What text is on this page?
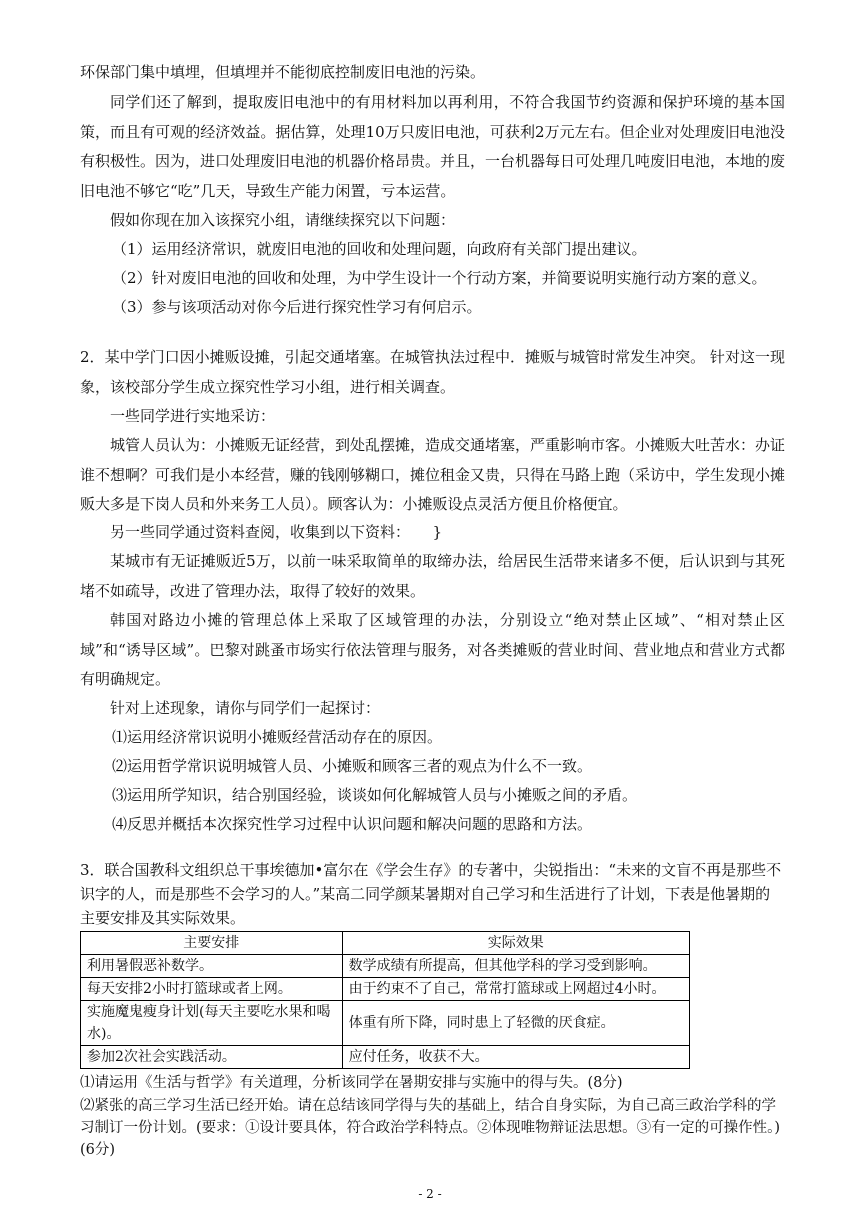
环保部门集中填埋，但填埋并不能彻底控制废旧电池的污染。

同学们还了解到，提取废旧电池中的有用材料加以再利用，不符合我国节约资源和保护环境的基本国策，而且有可观的经济效益。据估算，处理10万只废旧电池，可获利2万元左右。但企业对处理废旧电池没有积极性。因为，进口处理废旧电池的机器价格昂贵。并且，一台机器每日可处理几吨废旧电池，本地的废旧电池不够它“吃”几天，导致生产能力闲置，亏本运营。

假如你现在加入该探究小组，请继续探究以下问题：

（1）运用经济常识，就废旧电池的回收和处理问题，向政府有关部门提出建议。

（2）针对废旧电池的回收和处理，为中学生设计一个行动方案，并简要说明实施行动方案的意义。

（3）参与该项活动对你今后进行探究性学习有何启示。

2．某中学门口因小摊贩设摊，引起交通堵塞。在城管执法过程中．摊贩与城管时常发生冲突。 针对这一现象，该校部分学生成立探究性学习小组，进行相关调查。

一些同学进行实地采访：

城管人员认为：小摊贩无证经营，到处乱摆摊，造成交通堵塞，严重影响市客。小摊贩大吐苦水：办证谁不想啊？可我们是小本经营，赚的钱刚够糊口，摊位租金又贵，只得在马路上跑（采访中，学生发现小摊贩大多是下岗人员和外来务工人员）。顾客认为：小摊贩设点灵活方便且价格便宜。

另一些同学通过资料查阅，收集到以下资料：　　}

某城市有无证摊贩近5万，以前一味采取简单的取缔办法，给居民生活带来诸多不便，后认识到与其死堵不如疏导，改进了管理办法，取得了较好的效果。

韩国对路边小摊的管理总体上采取了区域管理的办法，分别设立“绝对禁止区域”、“相对禁止区域”和“诱导区域”。巴黎对跳蚤市场实行依法管理与服务，对各类摊贩的营业时间、营业地点和营业方式都有明确规定。

针对上述现象，请你与同学们一起探讨：

⑴运用经济常识说明小摊贩经营活动存在的原因。

⑵运用哲学常识说明城管人员、小摊贩和顾客三者的观点为什么不一致。

⑶运用所学知识，结合别国经验，谈谈如何化解城管人员与小摊贩之间的矛盾。

⑷反思并概括本次探究性学习过程中认识问题和解决问题的思路和方法。

3．联合国教科文组织总干事埃德加•富尔在《学会生存》的专著中，尖锐指出：“未来的文盲不再是那些不识字的人，而是那些不会学习的人。”某高二同学颜某暑期对自己学习和生活进行了计划，下表是他暑期的主要安排及其实际效果。

主要安排	实际效果
利用暑假恶补数学。	数学成绩有所提高，但其他学科的学习受到影响。
每天安排2小时打篮球或者上网。	由于约束不了自己，常常打篮球或上网超过4小时。
实施魔鬼瘦身计划(每天主要吃水果和喝水)。	体重有所下降，同时患上了轻微的厌食症。
参加2次社会实践活动。	应付任务，收获不大。

⑴请运用《生活与哲学》有关道理，分析该同学在暑期安排与实施中的得与失。(8分)

⑵紧张的高三学习生活已经开始。请在总结该同学得与失的基础上，结合自身实际，为自己高三政治学科的学习制订一份计划。(要求：①设计要具体，符合政治学科特点。②体现唯物辩证法思想。③有一定的可操作性。) (6分)

- 2 -
